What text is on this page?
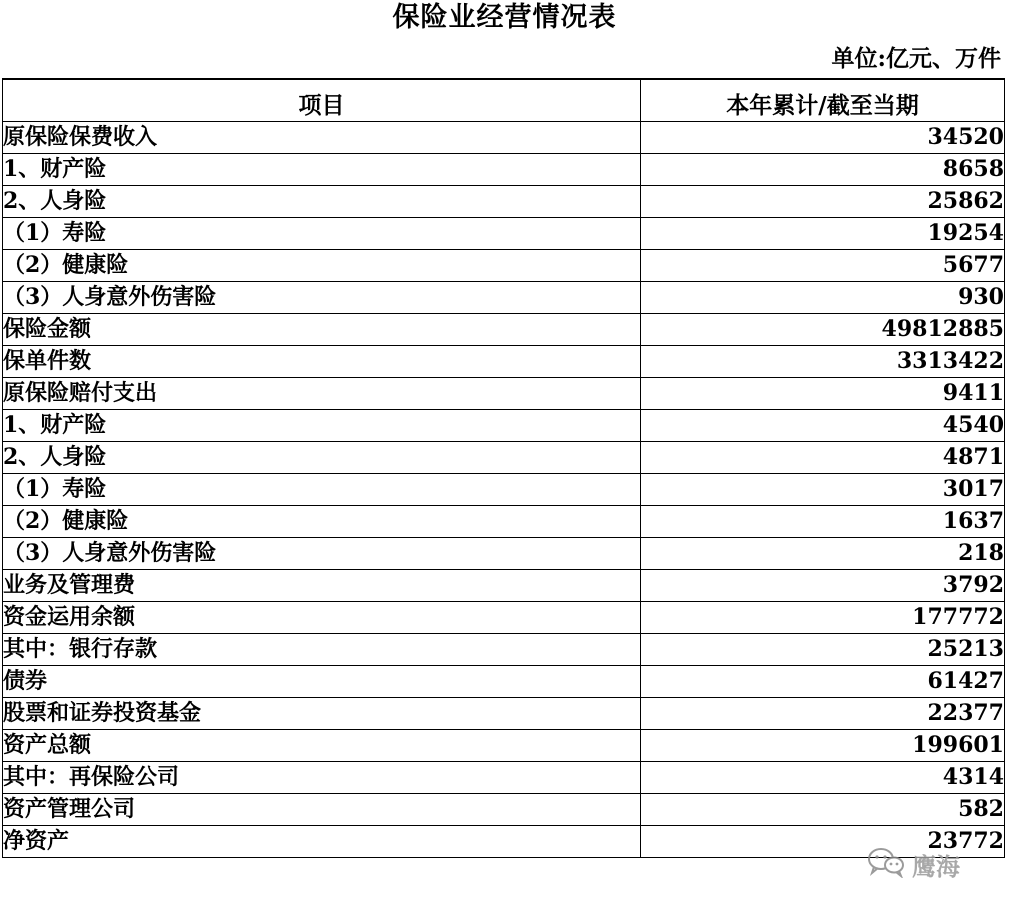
保险业经营情况表
单位:亿元、万件
项目	本年累计/截至当期
原保险保费收入	34520
1、财产险	8658
2、人身险	25862
（1）寿险	19254
（2）健康险	5677
（3）人身意外伤害险	930
保险金额	49812885
保单件数	3313422
原保险赔付支出	9411
1、财产险	4540
2、人身险	4871
（1）寿险	3017
（2）健康险	1637
（3）人身意外伤害险	218
业务及管理费	3792
资金运用余额	177772
其中：银行存款	25213
债券	61427
股票和证券投资基金	22377
资产总额	199601
其中：再保险公司	4314
资产管理公司	582
净资产	23772
鹰海
